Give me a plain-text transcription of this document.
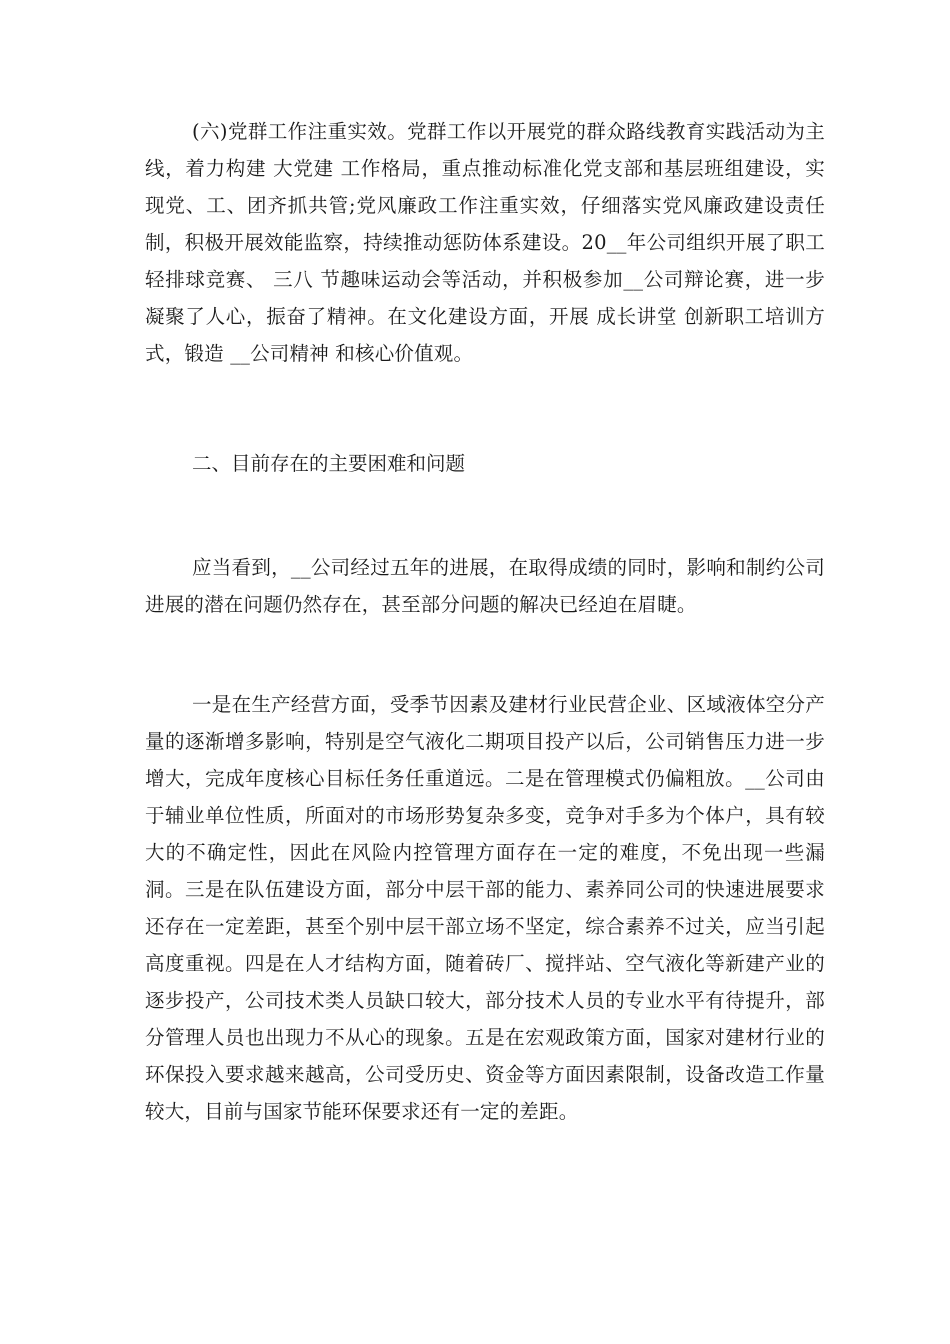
(六)党群工作注重实效。党群工作以开展党的群众路线教育实践活动为主线，着力构建 大党建 工作格局，重点推动标准化党支部和基层班组建设，实现党、工、团齐抓共管;党风廉政工作注重实效，仔细落实党风廉政建设责任制，积极开展效能监察，持续推动惩防体系建设。20__年公司组织开展了职工轻排球竞赛、 三八 节趣味运动会等活动，并积极参加__公司辩论赛，进一步凝聚了人心，振奋了精神。在文化建设方面，开展 成长讲堂 创新职工培训方式，锻造 __公司精神 和核心价值观。

二、目前存在的主要困难和问题

应当看到，__公司经过五年的进展，在取得成绩的同时，影响和制约公司进展的潜在问题仍然存在，甚至部分问题的解决已经迫在眉睫。

一是在生产经营方面，受季节因素及建材行业民营企业、区域液体空分产量的逐渐增多影响，特别是空气液化二期项目投产以后，公司销售压力进一步增大，完成年度核心目标任务任重道远。二是在管理模式仍偏粗放。__公司由于辅业单位性质，所面对的市场形势复杂多变，竞争对手多为个体户，具有较大的不确定性，因此在风险内控管理方面存在一定的难度，不免出现一些漏洞。三是在队伍建设方面，部分中层干部的能力、素养同公司的快速进展要求还存在一定差距，甚至个别中层干部立场不坚定，综合素养不过关，应当引起高度重视。四是在人才结构方面，随着砖厂、搅拌站、空气液化等新建产业的逐步投产，公司技术类人员缺口较大，部分技术人员的专业水平有待提升，部分管理人员也出现力不从心的现象。五是在宏观政策方面，国家对建材行业的环保投入要求越来越高，公司受历史、资金等方面因素限制，设备改造工作量较大，目前与国家节能环保要求还有一定的差距。
